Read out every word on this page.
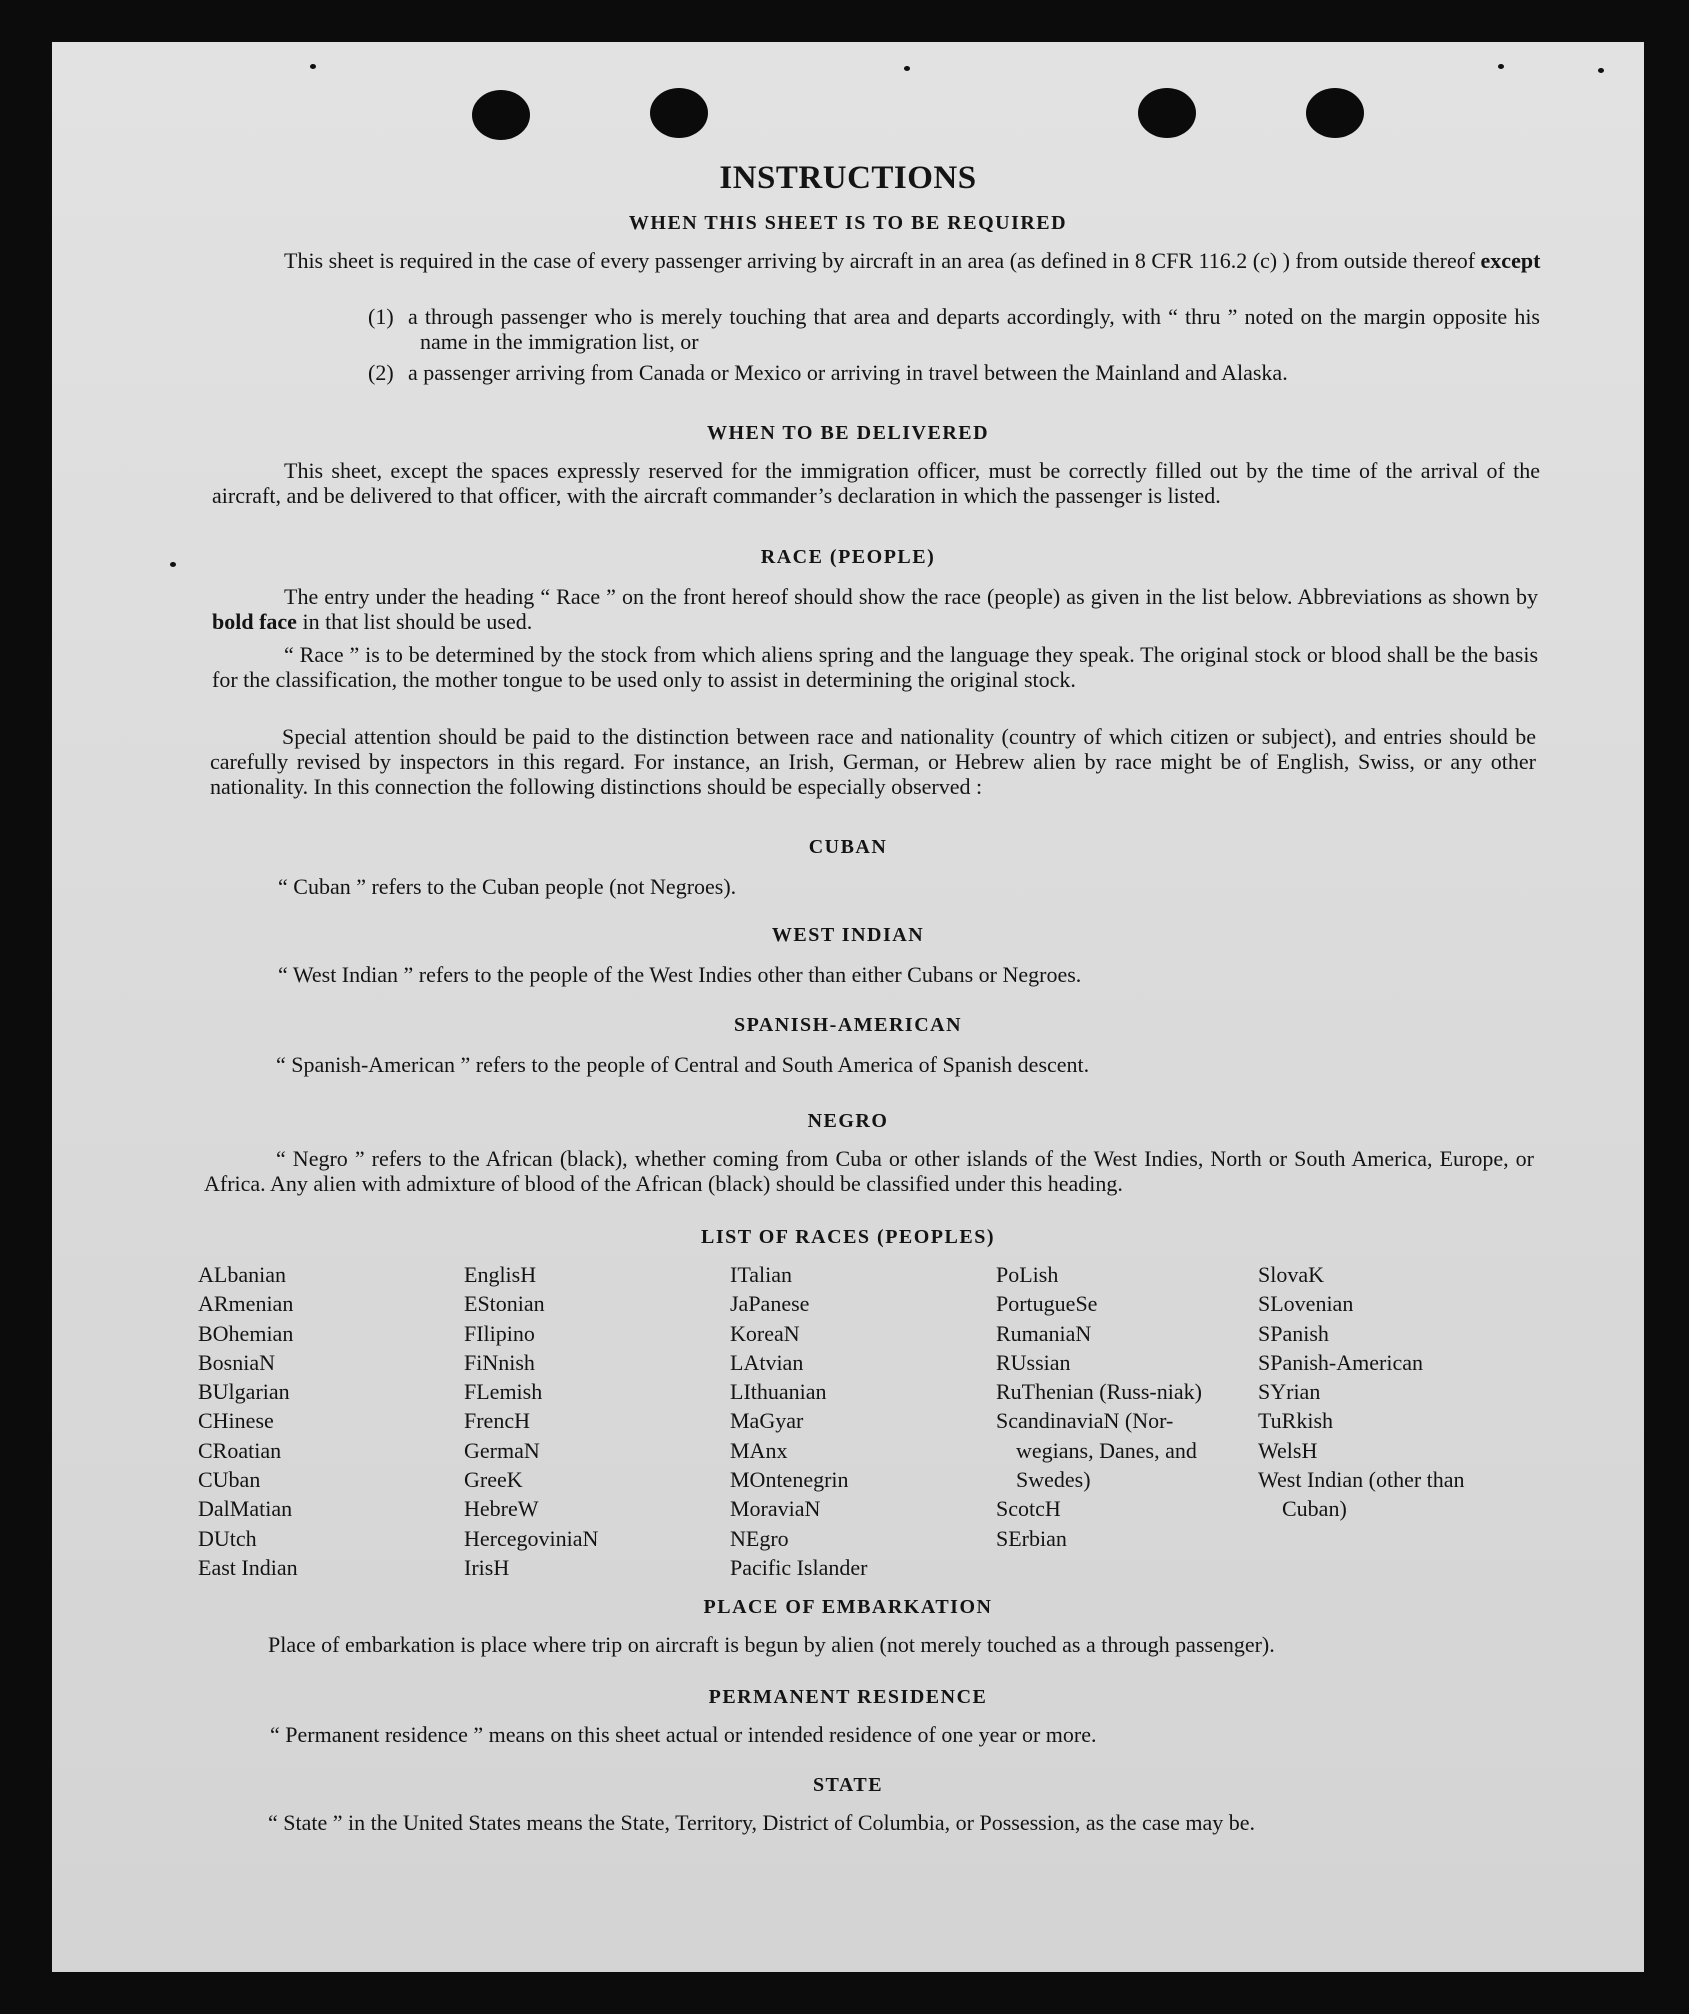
INSTRUCTIONS
WHEN THIS SHEET IS TO BE REQUIRED
This sheet is required in the case of every passenger arriving by aircraft in an area (as defined in 8 CFR 116.2 (c) ) from outside thereof except
(1) a through passenger who is merely touching that area and departs accordingly, with “ thru ” noted on the margin opposite his name in the immigration list, or
(2) a passenger arriving from Canada or Mexico or arriving in travel between the Mainland and Alaska.
WHEN TO BE DELIVERED
This sheet, except the spaces expressly reserved for the immigration officer, must be correctly filled out by the time of the arrival of the aircraft, and be delivered to that officer, with the aircraft commander’s declaration in which the passenger is listed.
RACE (PEOPLE)
The entry under the heading “ Race ” on the front hereof should show the race (people) as given in the list below. Abbreviations as shown by bold face in that list should be used.
“ Race ” is to be determined by the stock from which aliens spring and the language they speak. The original stock or blood shall be the basis for the classification, the mother tongue to be used only to assist in determining the original stock.
Special attention should be paid to the distinction between race and nationality (country of which citizen or subject), and entries should be carefully revised by inspectors in this regard. For instance, an Irish, German, or Hebrew alien by race might be of English, Swiss, or any other nationality. In this connection the following distinctions should be especially observed :
CUBAN
“ Cuban ” refers to the Cuban people (not Negroes).
WEST INDIAN
“ West Indian ” refers to the people of the West Indies other than either Cubans or Negroes.
SPANISH-AMERICAN
“ Spanish-American ” refers to the people of Central and South America of Spanish descent.
NEGRO
“ Negro ” refers to the African (black), whether coming from Cuba or other islands of the West Indies, North or South America, Europe, or Africa. Any alien with admixture of blood of the African (black) should be classified under this heading.
LIST OF RACES (PEOPLES)
ALbanian
ARmenian
BOhemian
BosniaN
BUlgarian
CHinese
CRoatian
CUban
DalMatian
DUtch
East Indian
EnglisH
EStonian
FIlipino
FiNnish
FLemish
FrencH
GermaN
GreeK
HebreW
HercegoviniaN
IrisH
ITalian
JaPanese
KoreaN
LAtvian
LIthuanian
MaGyar
MAnx
MOntenegrin
MoraviaN
NEgro
Pacific Islander
PoLish
PortugueSe
RumaniaN
RUssian
RuThenian (Russ-niak)
ScandinaviaN (Nor-wegians, Danes, and Swedes)
ScotcH
SErbian
SlovaK
SLovenian
SPanish
SPanish-American
SYrian
TuRkish
WelsH
West Indian (other than Cuban)
PLACE OF EMBARKATION
Place of embarkation is place where trip on aircraft is begun by alien (not merely touched as a through passenger).
PERMANENT RESIDENCE
“ Permanent residence ” means on this sheet actual or intended residence of one year or more.
STATE
“ State ” in the United States means the State, Territory, District of Columbia, or Possession, as the case may be.
